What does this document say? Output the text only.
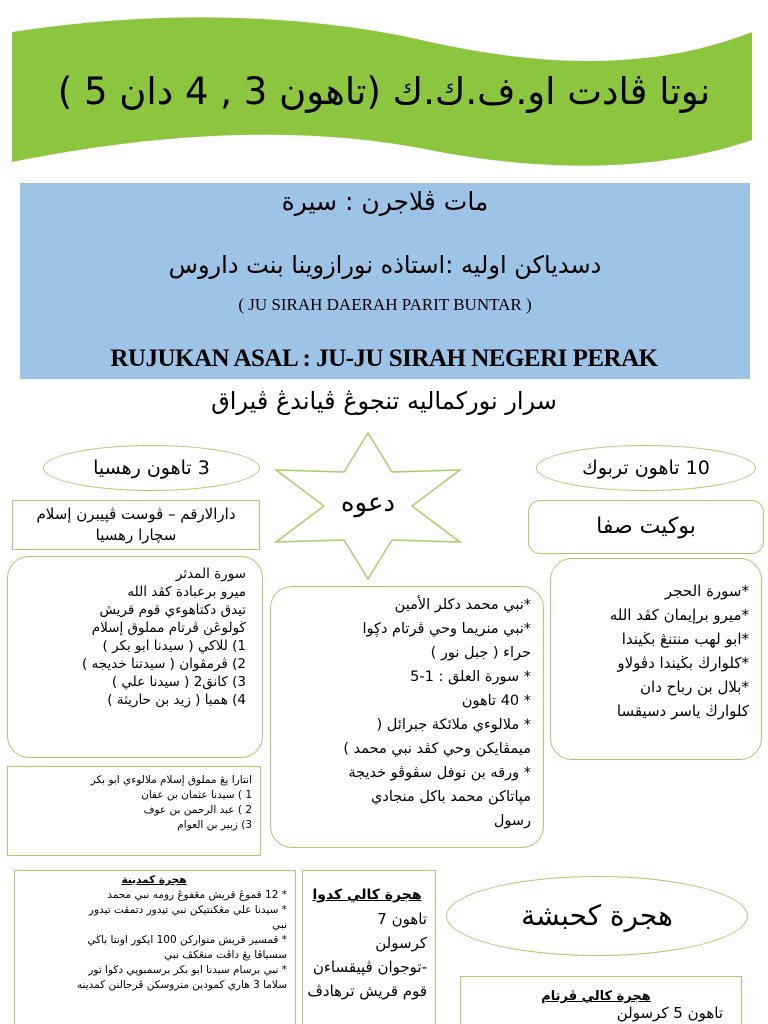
نوتا ڤادت او.ف.ك.ك (تاهون 3 , 4 دان 5 )
مات ڤلاجرن : سيرة
دسدياكن اوليه :استاذه نورازوينا بنت داروس
( JU SIRAH DAERAH PARIT BUNTAR )
RUJUKAN ASAL : JU-JU SIRAH NEGERI PERAK
سرار نوركماليه تنجوڠ ڤياندڠ ڤيراق
3 تاهون رهسيا
دارالارقم – ڤوست ڤپيبرن إسلام
سچارا رهسيا
سورة المدثر
ميرو برعبادة كڤد الله
تيدق دكتاهوءي قوم قريش
ڬولوڠن ڤرتام مملوق إسلام
1) للاکي ( سيدنا ابو بكر )
2) ڤرمڤوان ( سيدتنا خديجه )
3) كانق2 ( سيدنا علي )
4) همبا ( زيد بن حاريثة )
انتارا يڠ مملوق إسلام ملالوءي ابو بكر
1 ) سيدنا عثمان بن عفان
2 ) عبد الرحمن بن عوف
3) زبير بن العوام
دعوه
*نبي محمد دكلر الأمين
*نبي منريما وحي ڤرتام دڮوا
حراء ( جبل نور )
* سورة العلق : 1-5
* 40 تاهون
* ملالوءي ملائكة جبرائل (
ميمڤايكن وحي كڤد نبي محمد )
* ورقه بن نوفل سڤوڤو خديجة
مڽاتاكن محمد باكل منجادي
رسول
10 تاهون تربوك
بوكيت صفا
*سورة الحجر
*ميرو برإيمان كڤد الله
*ابو لهب منتنڠ بڬيندا
*كلوارڬ بڬيندا دڤولاو
*بلال بن رباح دان
كلوارڬ ياسر دسيقسا
هجرة كمدينة
* 12 قموڠ قريش مڠفوڠ رومه نبي محمد
* سيدنا علي مڠكنتيكن نبي تيدور دتمڤت تيدور
نبي
* قمسير قريش منوارکن 100 ايکور اونتا باڬي
سسياڤا يڠ داڤت منڠكڤ نبي
* نبي برسام سيدنا ابو بكر برسمبوپي دڬوا ثور
سلاما 3 هاري كمودين منروسکن ڤرجالنن کمدينه
هجرة كالي كدوا
تاهون 7
كرسولن
-توجوان ڤپيقساءن
قوم قريش ترهادڤ
هجرة كحبشة
هجرة كالي ڤرتام
تاهون 5 كرسولن
